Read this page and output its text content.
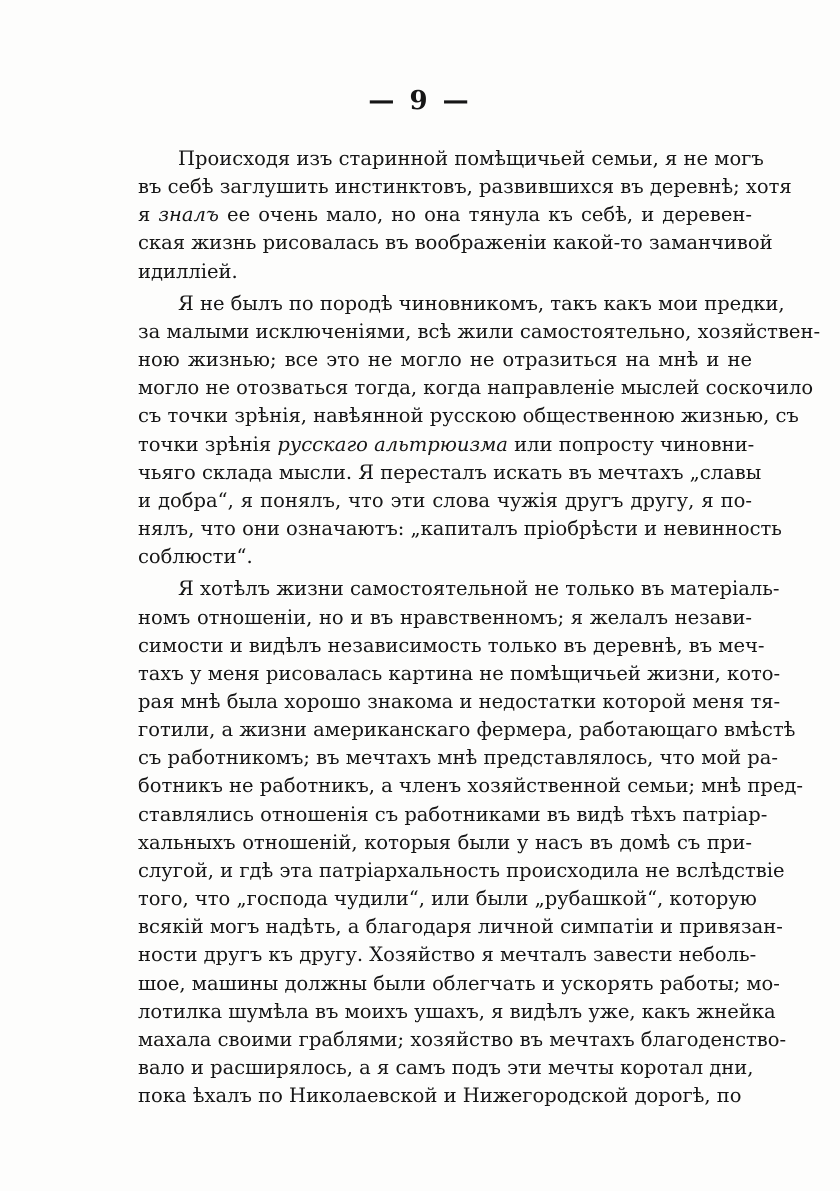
— 9 —
Происходя изъ старинной помѣщичьей семьи, я не могъ
въ себѣ заглушить инстинктовъ, развившихся въ деревнѣ; хотя
я зналъ ее очень мало, но она тянула къ себѣ, и деревен-
ская жизнь рисовалась въ воображеніи какой-то заманчивой
идилліей.
Я не былъ по породѣ чиновникомъ, такъ какъ мои предки,
за малыми исключеніями, всѣ жили самостоятельно, хозяйствен-
ною жизнью; все это не могло не отразиться на мнѣ и не
могло не отозваться тогда, когда направленіе мыслей соскочило
съ точки зрѣнія, навѣянной русскою общественною жизнью, съ
точки зрѣнія русскаго альтрюизма или попросту чиновни-
чьяго склада мысли. Я пересталъ искать въ мечтахъ „славы
и добра“, я понялъ, что эти слова чужія другъ другу, я по-
нялъ, что они означаютъ: „капиталъ пріобрѣсти и невинность
соблюсти“.
Я хотѣлъ жизни самостоятельной не только въ матеріаль-
номъ отношеніи, но и въ нравственномъ; я желалъ незави-
симости и видѣлъ независимость только въ деревнѣ, въ меч-
тахъ у меня рисовалась картина не помѣщичьей жизни, кото-
рая мнѣ была хорошо знакома и недостатки которой меня тя-
готили, а жизни американскаго фермера, работающаго вмѣстѣ
съ работникомъ; въ мечтахъ мнѣ представлялось, что мой ра-
ботникъ не работникъ, а членъ хозяйственной семьи; мнѣ пред-
ставлялись отношенія съ работниками въ видѣ тѣхъ патріар-
хальныхъ отношеній, которыя были у насъ въ домѣ съ при-
слугой, и гдѣ эта патріархальность происходила не вслѣдствіе
того, что „господа чудили“, или были „рубашкой“, которую
всякій могъ надѣть, а благодаря личной симпатіи и привязан-
ности другъ къ другу. Хозяйство я мечталъ завести неболь-
шое, машины должны были облегчать и ускорять работы; мо-
лотилка шумѣла въ моихъ ушахъ, я видѣлъ уже, какъ жнейка
махала своими граблями; хозяйство въ мечтахъ благоденство-
вало и расширялось, а я самъ подъ эти мечты коротал дни,
пока ѣхалъ по Николаевской и Нижегородской дорогѣ, по
